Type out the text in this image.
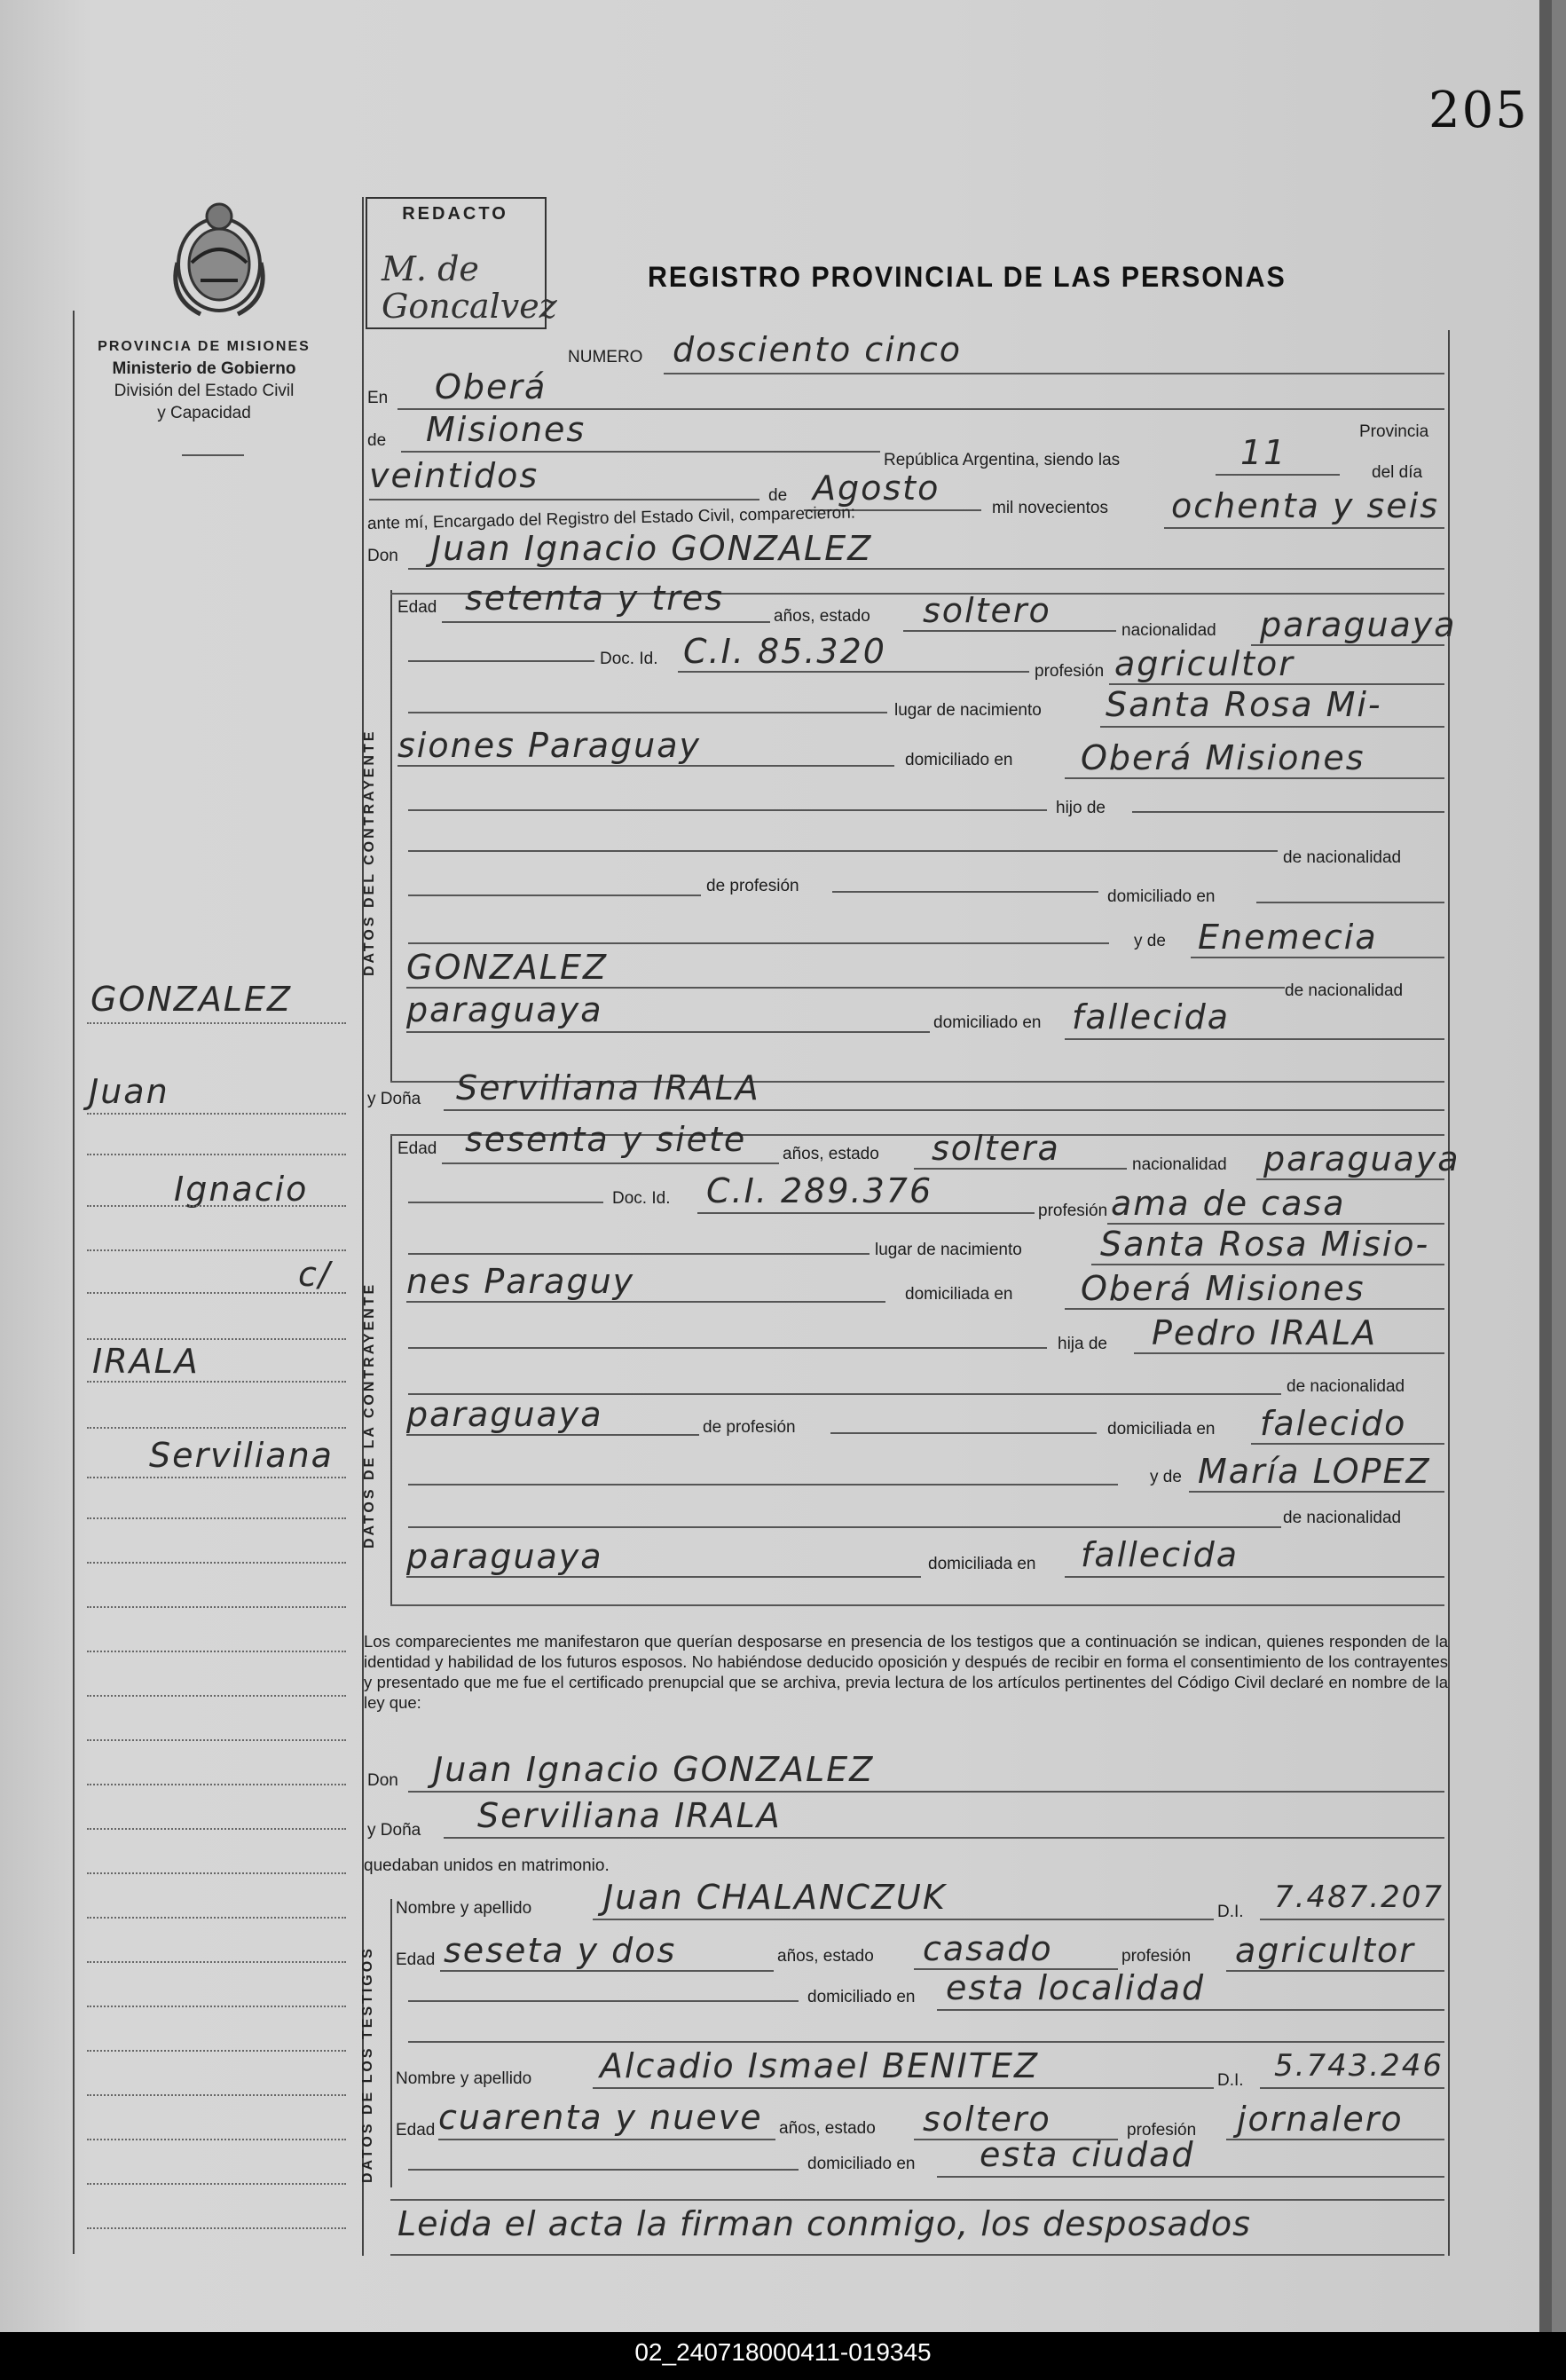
205
PROVINCIA DE MISIONES
Ministerio de Gobierno
División del Estado Civil
y Capacidad
REDACTO
M. de Goncalvez
REGISTRO PROVINCIAL DE LAS PERSONAS
DATOS DEL CONTRAYENTE
DATOS DE LA CONTRAYENTE
DATOS DE LOS TESTIGOS
NUMERO dosciento cinco
En Oberá
Provincia
de Misiones
República Argentina, siendo las	11
del día
veintidos
de Agosto
mil novecientos ochenta y seis
ante mí, Encargado del Registro del Estado Civil, comparecieron:
Don Juan Ignacio GONZALEZ
Edad setenta y tres	años, estado soltero
nacionalidad paraguaya
Doc. Id. C.I. 85.320
profesión agricultor
lugar de nacimiento Santa Rosa Mi-
siones Paraguay	domiciliado en Oberá Misiones
hijo de
de nacionalidad
de profesión
domiciliado en
y de Enemecia
GONZALEZ
de nacionalidad
paraguaya	domiciliado en fallecida
y Doña Serviliana IRALA
Edad sesenta y siete años, estado soltera	nacionalidad paraguaya
Doc. Id. C.I. 289.376
profesión ama de casa
lugar de nacimiento Santa Rosa Misio-
nes Paraguy	domiciliada en Oberá Misiones
hija de Pedro IRALA
de nacionalidad
paraguaya	de profesión	domiciliada en falecido
y de María LOPEZ
de nacionalidad
paraguaya	domiciliada en fallecida
Los comparecientes me manifestaron que querían desposarse en presencia de los testigos que a continuación se indican, quienes responden de la identidad y habilidad de los futuros esposos. No habiéndose deducido oposición y después de recibir en forma el consentimiento de los contrayentes y presentado que me fue el certificado prenupcial que se archiva, previa lectura de los artículos pertinentes del Código Civil declaré en nombre de la ley que:
Don Juan Ignacio GONZALEZ
y Doña Serviliana IRALA
quedaban unidos en matrimonio.
Nombre y apellido Juan CHALANCZUK	D.I. 7.487.207
Edad seseta y dos	años, estado casado	profesión agricultor
domiciliado en esta localidad
Nombre y apellido Alcadio Ismael BENITEZ	D.I. 5.743.246
Edad cuarenta y nueve años, estado soltero	profesión jornalero
domiciliado en esta ciudad
Leida el acta la firman conmigo, los desposados
GONZALEZ
Juan
Ignacio
c/
IRALA
Serviliana
02_240718000411-019345
